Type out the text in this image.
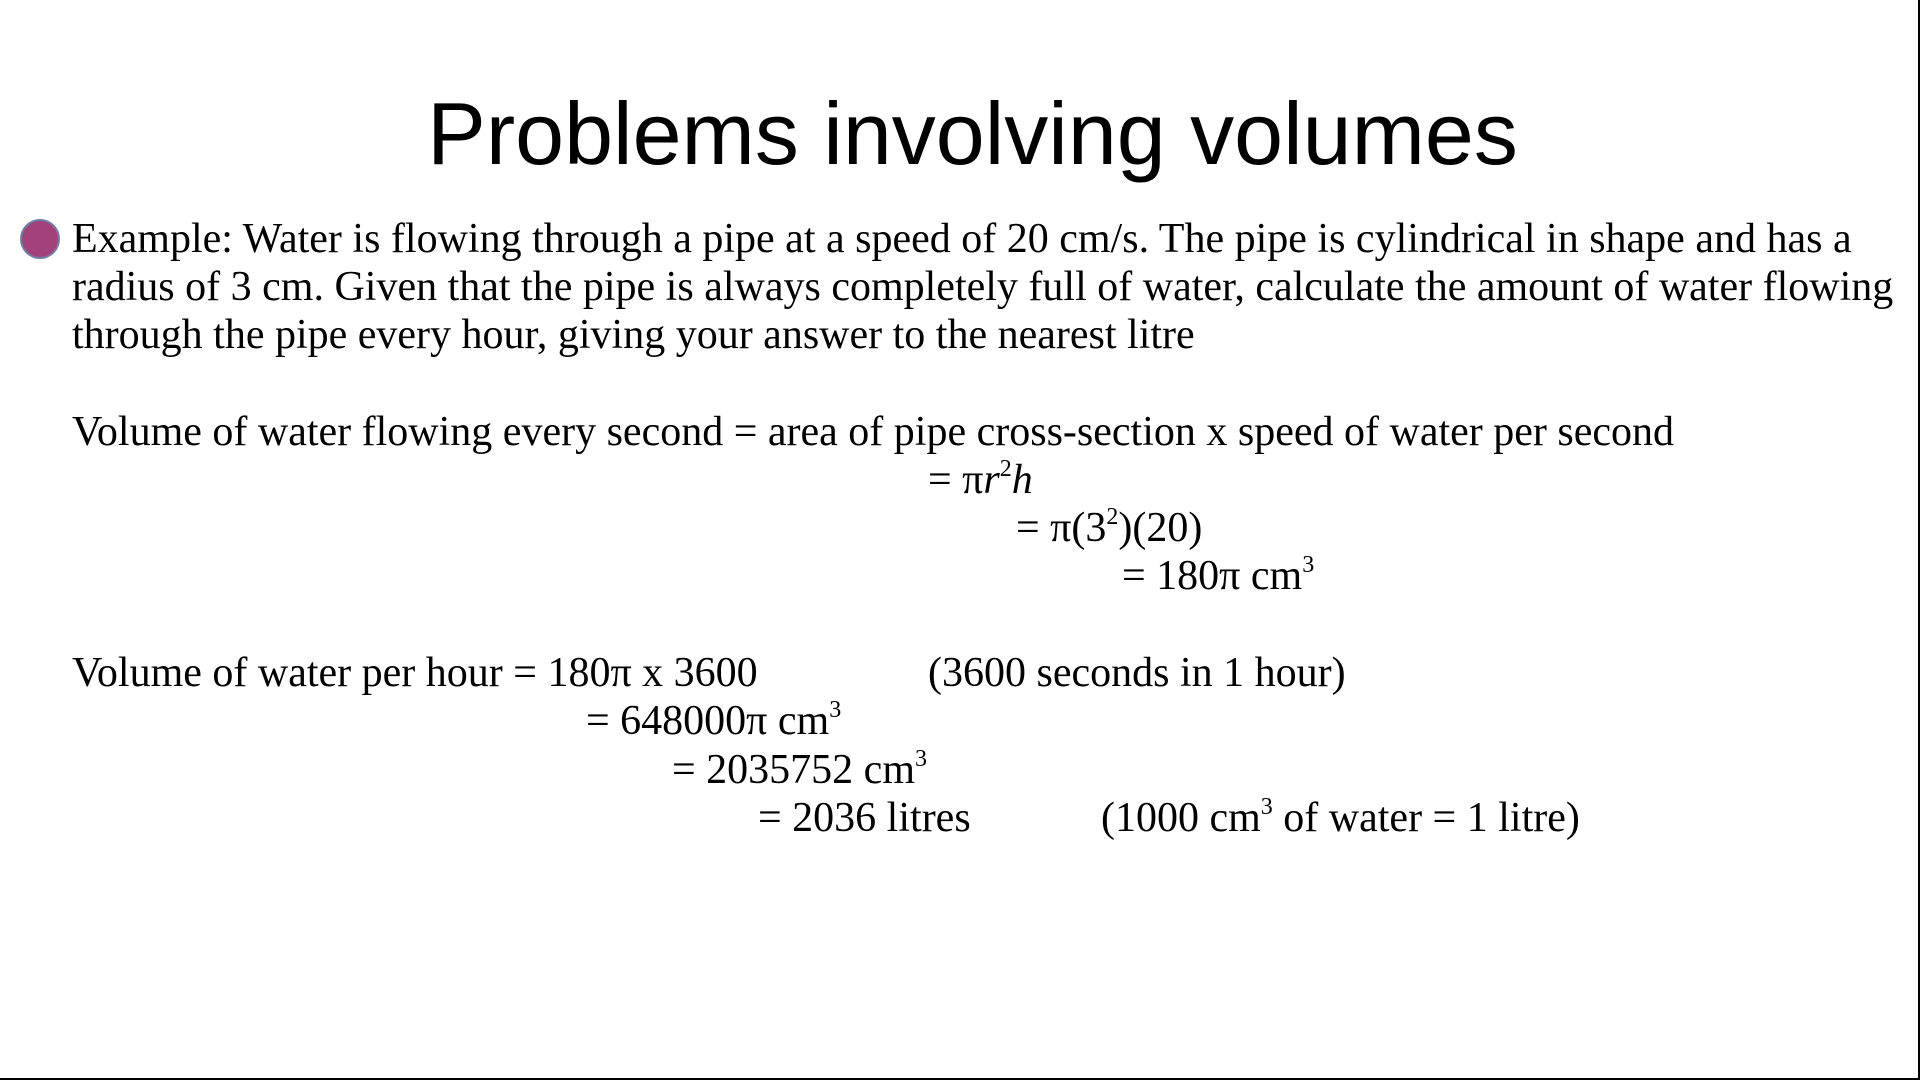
Problems involving volumes

Example: Water is flowing through a pipe at a speed of 20 cm/s. The pipe is cylindrical in shape and has a radius of 3 cm. Given that the pipe is always completely full of water, calculate the amount of water flowing through the pipe every hour, giving your answer to the nearest litre

Volume of water flowing every second = area of pipe cross-section x speed of water per second
= $\pi r^2h$
= $\pi(3^2)(20)$
= 180π $cm^3$
Volume of water per hour = 180π x 3600	(3600 seconds in 1 hour)
= 648000π $cm^3$
= 2035752 $cm^3$
= 2036 litres	(1000 $cm^3$ of water = 1 litre)
